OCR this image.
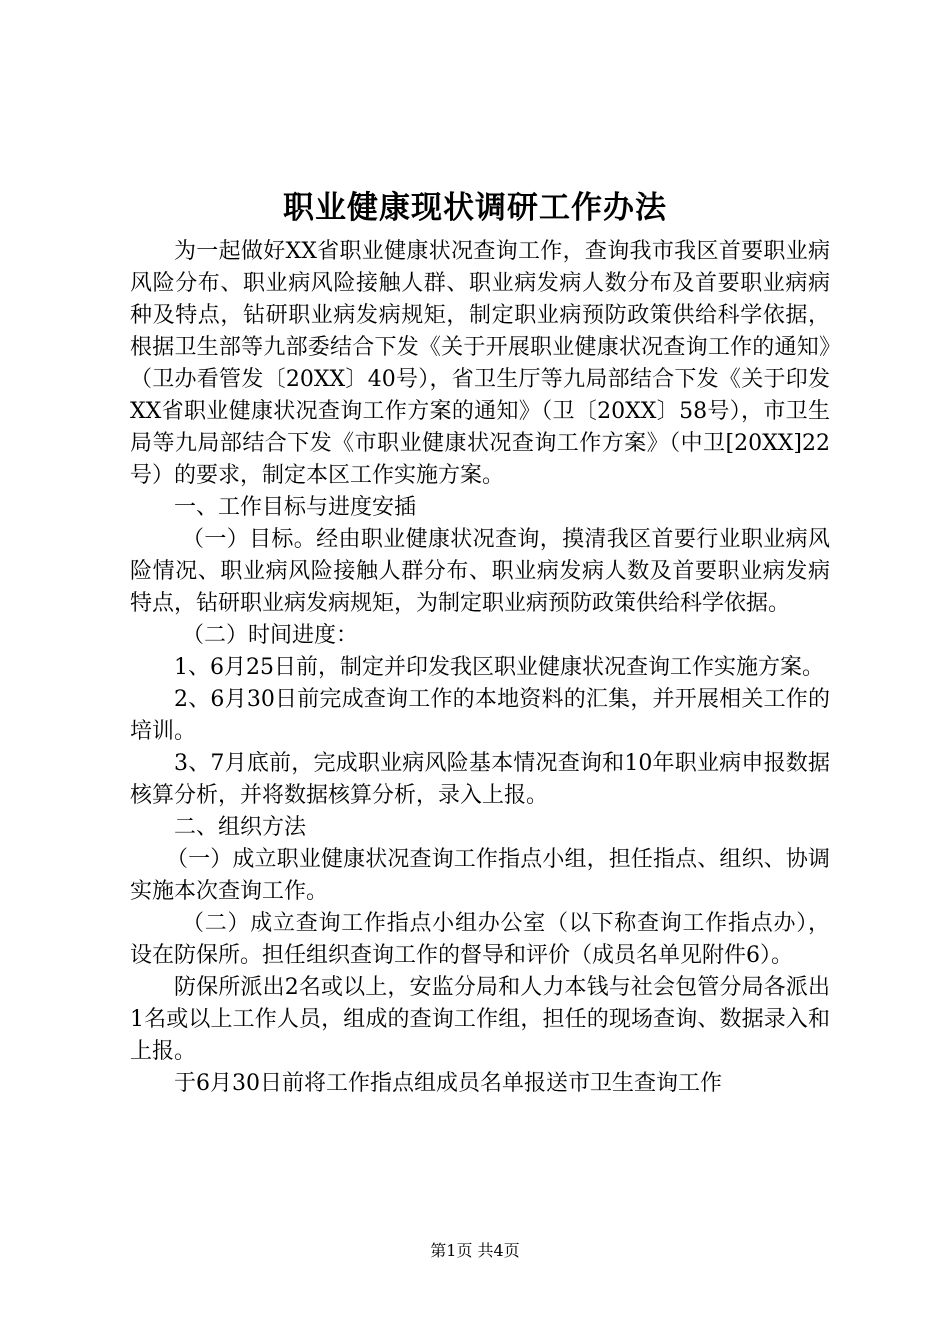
职业健康现状调研工作办法

为一起做好XX省职业健康状况查询工作，查询我市我区首要职业病风险分布、职业病风险接触人群、职业病发病人数分布及首要职业病病种及特点，钻研职业病发病规矩，制定职业病预防政策供给科学依据，根据卫生部等九部委结合下发《关于开展职业健康状况查询工作的通知》（卫办看管发〔20XX〕40号），省卫生厅等九局部结合下发《关于印发XX省职业健康状况查询工作方案的通知》（卫〔20XX〕58号），市卫生局等九局部结合下发《市职业健康状况查询工作方案》（中卫[20XX]22号）的要求，制定本区工作实施方案。

一、工作目标与进度安插

（一）目标。经由职业健康状况查询，摸清我区首要行业职业病风险情况、职业病风险接触人群分布、职业病发病人数及首要职业病发病特点，钻研职业病发病规矩，为制定职业病预防政策供给科学依据。

（二）时间进度：

1、6月25日前，制定并印发我区职业健康状况查询工作实施方案。

2、6月30日前完成查询工作的本地资料的汇集，并开展相关工作的培训。

3、7月底前，完成职业病风险基本情况查询和10年职业病申报数据核算分析，并将数据核算分析，录入上报。

二、组织方法

（一）成立职业健康状况查询工作指点小组，担任指点、组织、协调实施本次查询工作。

（二）成立查询工作指点小组办公室（以下称查询工作指点办），设在防保所。担任组织查询工作的督导和评价（成员名单见附件6）。

防保所派出2名或以上，安监分局和人力本钱与社会包管分局各派出1名或以上工作人员，组成的查询工作组，担任的现场查询、数据录入和上报。

于6月30日前将工作指点组成员名单报送市卫生查询工作

第1页 共4页
